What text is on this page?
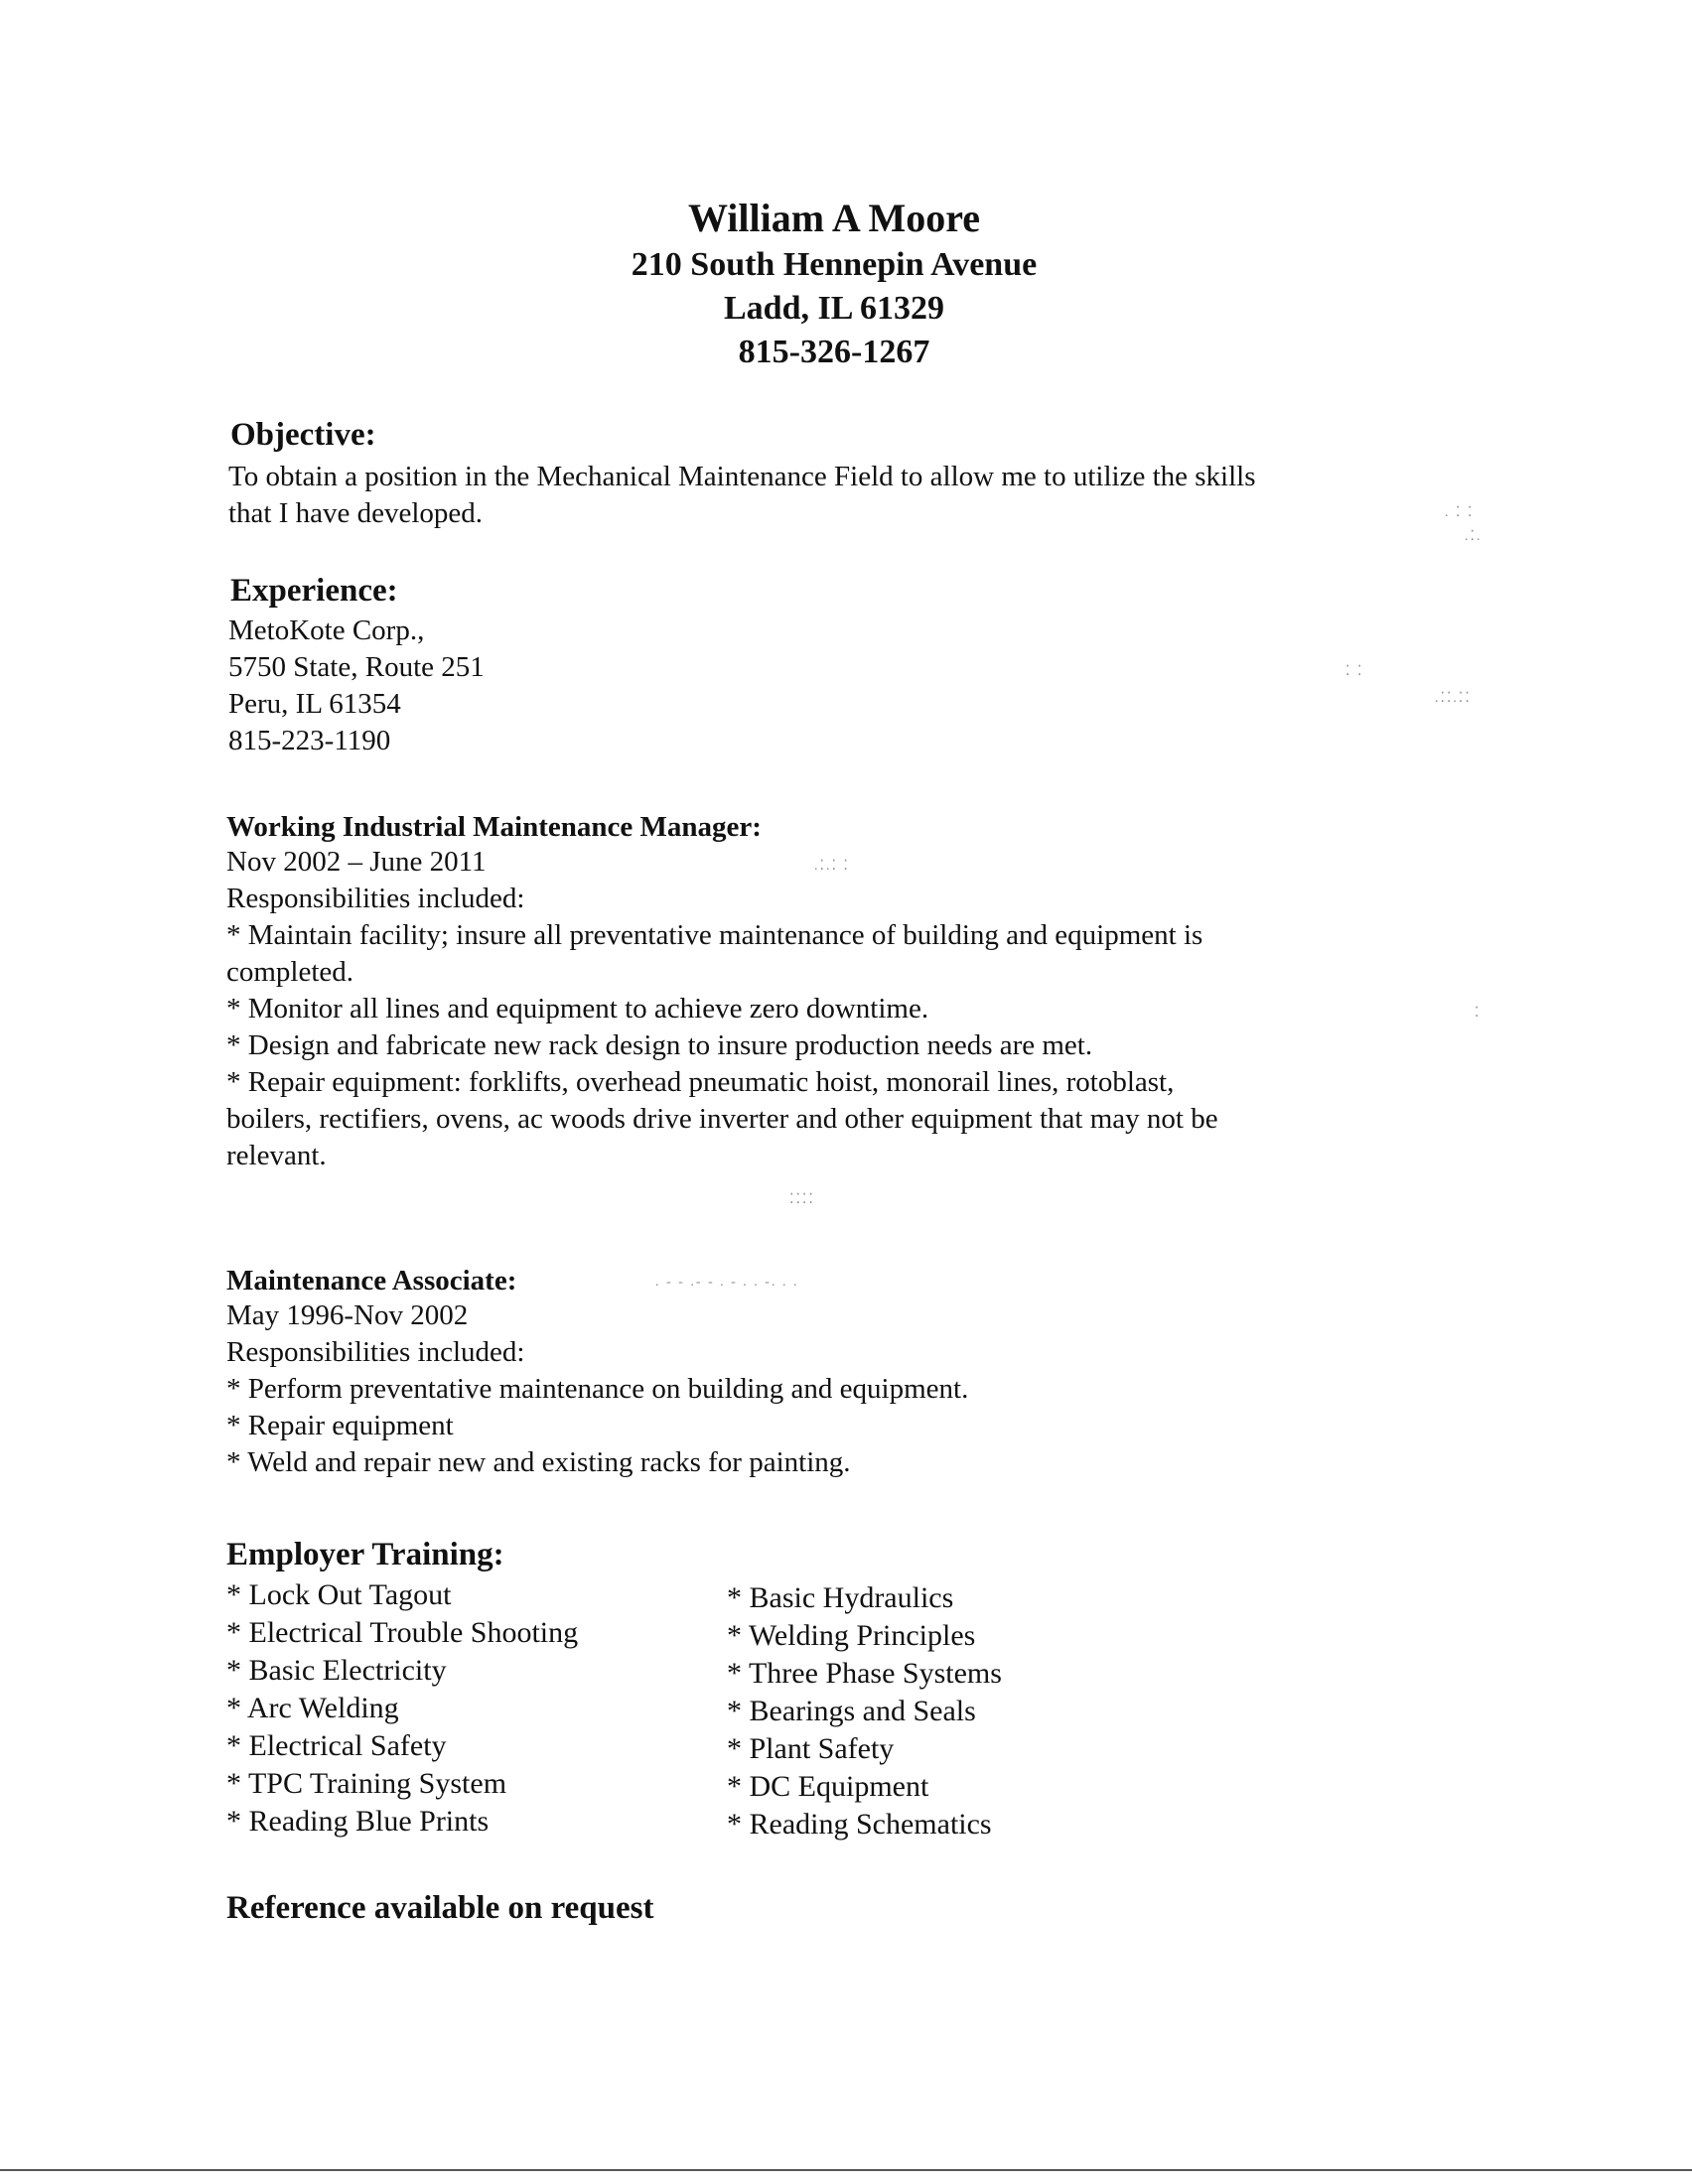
William A Moore
210 South Hennepin Avenue
Ladd, IL 61329
815-326-1267
Objective:
To obtain a position in the Mechanical Maintenance Field to allow me to utilize the skills
that I have developed.
Experience:
MetoKote Corp.,
5750 State, Route 251
Peru, IL 61354
815-223-1190
Working Industrial Maintenance Manager:
Nov 2002 – June 2011
Responsibilities included:
* Maintain facility; insure all preventative maintenance of building and equipment is
completed.
* Monitor all lines and equipment to achieve zero downtime.
* Design and fabricate new rack design to insure production needs are met.
* Repair equipment: forklifts, overhead pneumatic hoist, monorail lines, rotoblast,
boilers, rectifiers, ovens, ac woods drive inverter and other equipment that may not be
relevant.
Maintenance Associate:
May 1996-Nov 2002
Responsibilities included:
* Perform preventative maintenance on building and equipment.
* Repair equipment
* Weld and repair new and existing racks for painting.
Employer Training:
* Lock Out Tagout
* Electrical Trouble Shooting
* Basic Electricity
* Arc Welding
* Electrical Safety
* TPC Training System
* Reading Blue Prints
* Basic Hydraulics
* Welding Principles
* Three Phase Systems
* Bearings and Seals
* Plant Safety
* DC Equipment
* Reading Schematics
Reference available on request
. ⁚ ⁚
.⁚.
⁚ ⁚
.⁚⁚.⁚⁚
.⁚.⁚ ⁚
⁚⁚⁚⁚
. - - .- - . - . . -. . .
⁚
